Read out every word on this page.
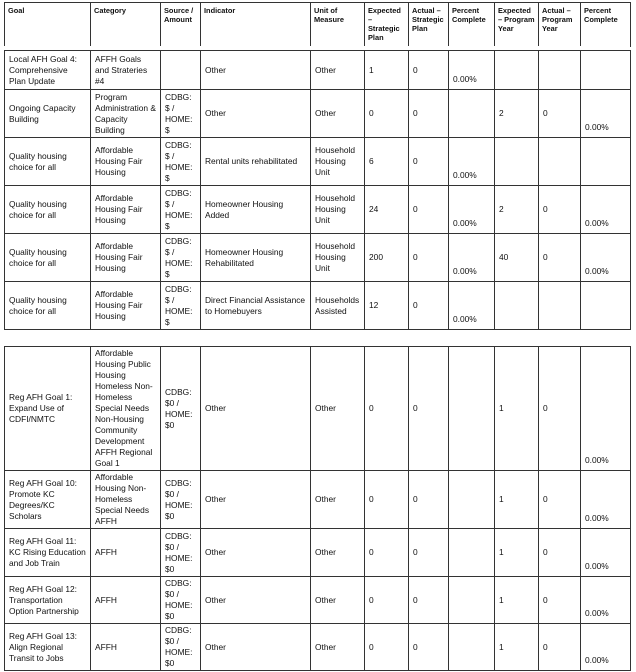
Goal	Category	Source / Amount	Indicator	Unit of Measure	Expected – Strategic Plan	Actual – Strategic Plan	Percent Complete	Expected – Program Year	Actual – Program Year	Percent Complete
Local AFH Goal 4: Comprehensive Plan Update	AFFH Goals and Strateries #4		Other	Other	1	0	0.00%			
Ongoing Capacity Building	Program Administration & Capacity Building	CDBG: $ / HOME: $	Other	Other	0	0		2	0	0.00%
Quality housing choice for all	Affordable Housing Fair Housing	CDBG: $ / HOME: $	Rental units rehabilitated	Household Housing Unit	6	0	0.00%			
Quality housing choice for all	Affordable Housing Fair Housing	CDBG: $ / HOME: $	Homeowner Housing Added	Household Housing Unit	24	0	0.00%	2	0	0.00%
Quality housing choice for all	Affordable Housing Fair Housing	CDBG: $ / HOME: $	Homeowner Housing Rehabilitated	Household Housing Unit	200	0	0.00%	40	0	0.00%
Quality housing choice for all	Affordable Housing Fair Housing	CDBG: $ / HOME: $	Direct Financial Assistance to Homebuyers	Households Assisted	12	0	0.00%			
Reg AFH Goal 1: Expand Use of CDFI/NMTC	Affordable Housing Public Housing Homeless Non-Homeless Special Needs Non-Housing Community Development AFFH Regional Goal 1	CDBG: $0 / HOME: $0	Other	Other	0	0		1	0	0.00%
Reg AFH Goal 10: Promote KC Degrees/KC Scholars	Affordable Housing Non-Homeless Special Needs AFFH	CDBG: $0 / HOME: $0	Other	Other	0	0		1	0	0.00%
Reg AFH Goal 11: KC Rising Education and Job Train	AFFH	CDBG: $0 / HOME: $0	Other	Other	0	0		1	0	0.00%
Reg AFH Goal 12: Transportation Option Partnership	AFFH	CDBG: $0 / HOME: $0	Other	Other	0	0		1	0	0.00%
Reg AFH Goal 13: Align Regional Transit to Jobs	AFFH	CDBG: $0 / HOME: $0	Other	Other	0	0		1	0	0.00%
